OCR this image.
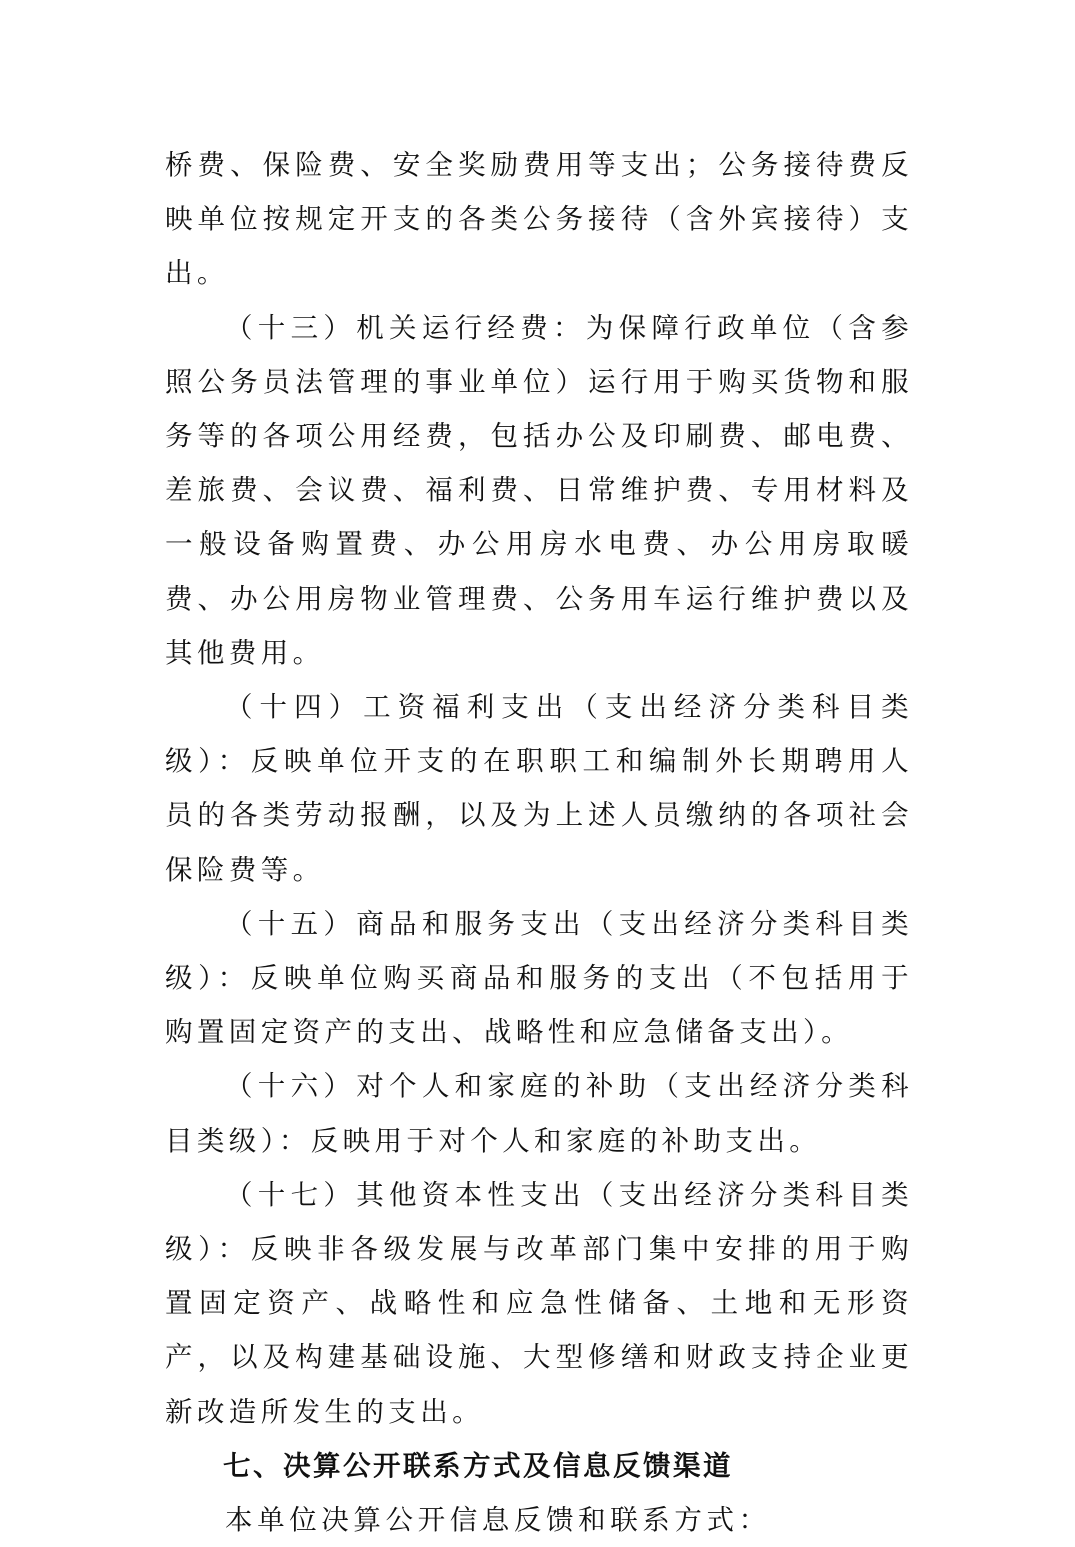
桥费、保险费、安全奖励费用等支出；公务接待费反映单位按规定开支的各类公务接待（含外宾接待）支出。

（十三）机关运行经费：为保障行政单位（含参照公务员法管理的事业单位）运行用于购买货物和服务等的各项公用经费，包括办公及印刷费、邮电费、差旅费、会议费、福利费、日常维护费、专用材料及一般设备购置费、办公用房水电费、办公用房取暖费、办公用房物业管理费、公务用车运行维护费以及其他费用。

（十四）工资福利支出（支出经济分类科目类级）：反映单位开支的在职职工和编制外长期聘用人员的各类劳动报酬，以及为上述人员缴纳的各项社会保险费等。

（十五）商品和服务支出（支出经济分类科目类级）：反映单位购买商品和服务的支出（不包括用于购置固定资产的支出、战略性和应急储备支出）。

（十六）对个人和家庭的补助（支出经济分类科目类级）：反映用于对个人和家庭的补助支出。

（十七）其他资本性支出（支出经济分类科目类级）：反映非各级发展与改革部门集中安排的用于购置固定资产、战略性和应急性储备、土地和无形资产，以及构建基础设施、大型修缮和财政支持企业更新改造所发生的支出。

七、决算公开联系方式及信息反馈渠道

本单位决算公开信息反馈和联系方式：
